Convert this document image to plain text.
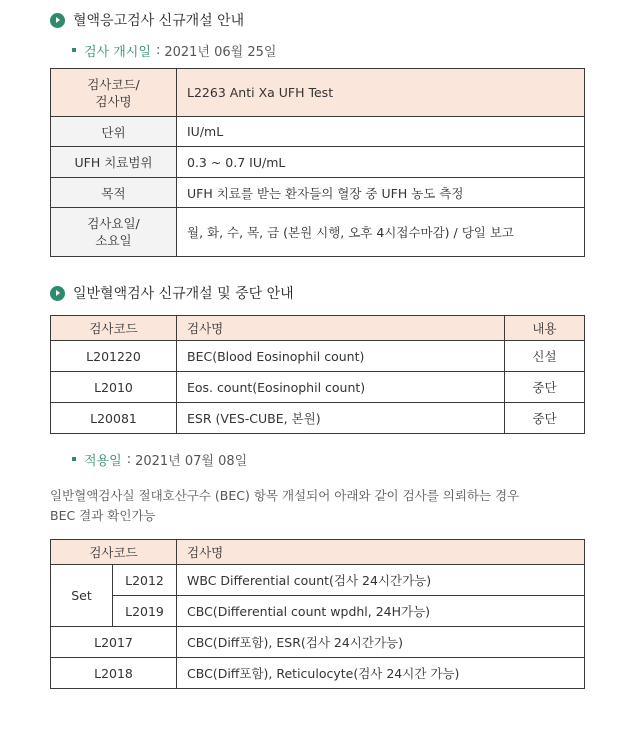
혈액응고검사 신규개설 안내
검사 개시일 : 2021년 06월 25일
검사코드/
검사명	L2263 Anti Xa UFH Test
단위	IU/mL
UFH 치료범위	0.3 ~ 0.7 IU/mL
목적	UFH 치료를 받는 환자들의 혈장 중 UFH 농도 측정
검사요일/
소요일	월, 화, 수, 목, 금 (본원 시행, 오후 4시접수마감) / 당일 보고
일반혈액검사 신규개설 및 중단 안내
검사코드	검사명	내용
L201220	BEC(Blood Eosinophil count)	신설
L2010	Eos. count(Eosinophil count)	중단
L20081	ESR (VES-CUBE, 본원)	중단
적용일 : 2021년 07월 08일
일반혈액검사실 절대호산구수 (BEC) 항목 개설되어 아래와 같이 검사를 의뢰하는 경우
BEC 결과 확인가능
검사코드		검사명
Set	L2012	WBC Differential count(검사 24시간가능)
	L2019	CBC(Differential count wpdhl, 24H가능)
L2017		CBC(Diff포함), ESR(검사 24시간가능)
L2018		CBC(Diff포함), Reticulocyte(검사 24시간 가능)
